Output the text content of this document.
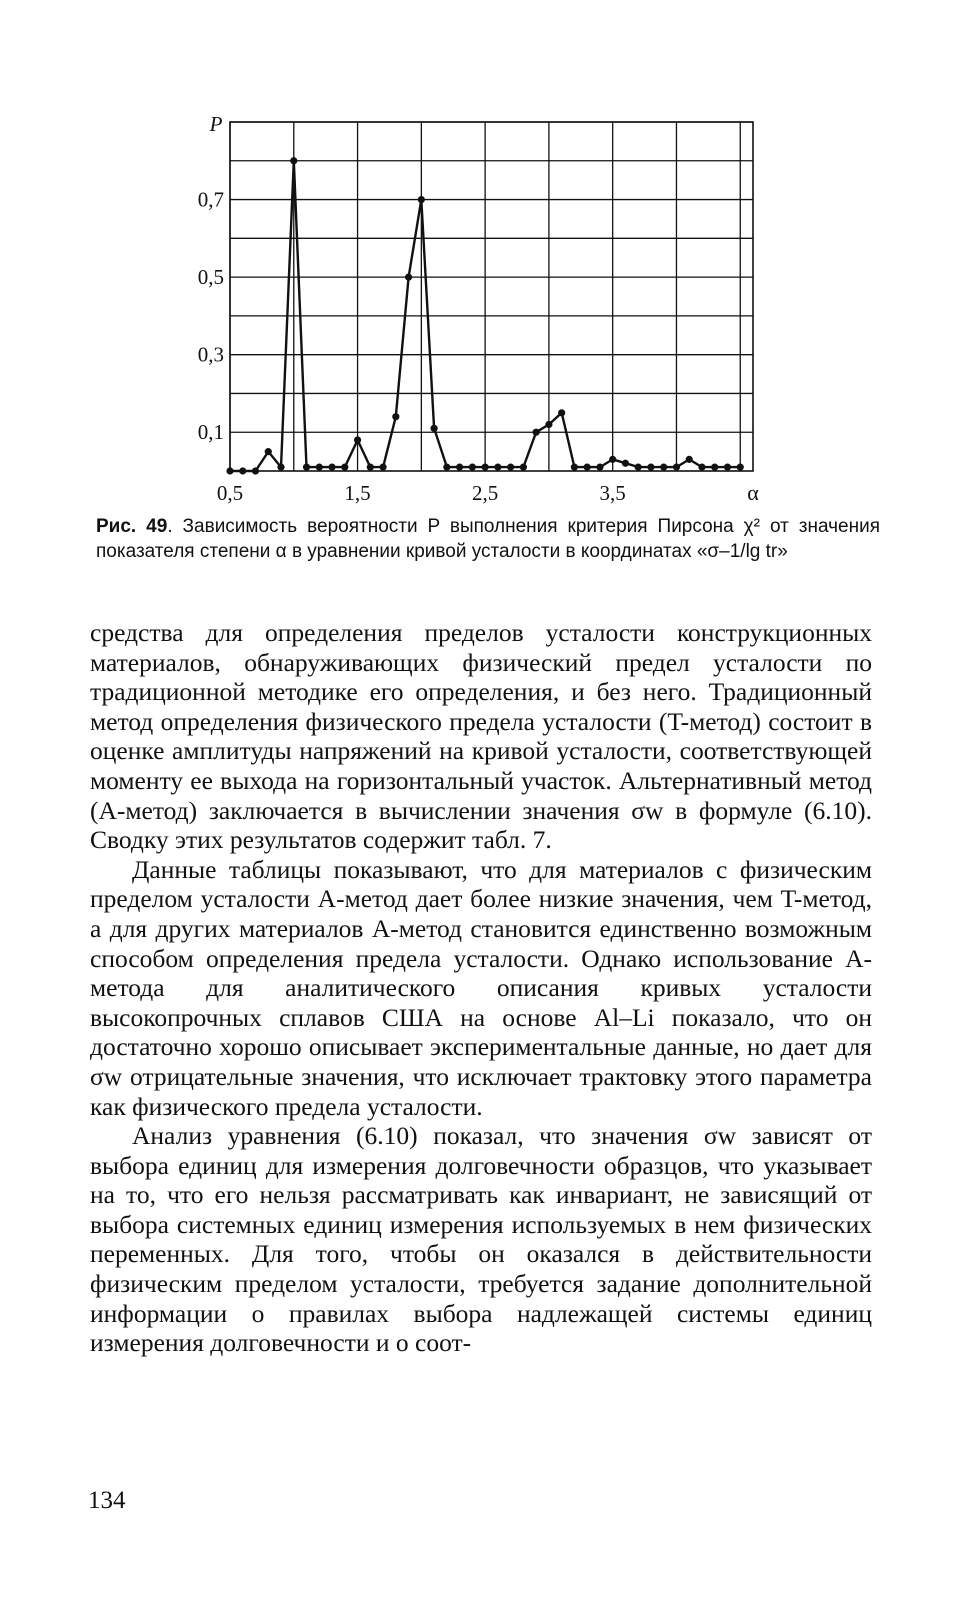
0,1
0,3
0,5
0,7
0,5	1,5	2,5	3,5
P
α
Рис. 49. Зависимость вероятности P выполнения критерия Пирсона χ² от значения показателя степени α в уравнении кривой усталости в координатах «σ–1/lg tr»

средства для определения пределов усталости конструкционных материалов, обнаруживающих физический предел усталости по традиционной методике его определения, и без него. Традиционный метод определения физического предела усталости (T-метод) состоит в оценке амплитуды напряжений на кривой усталости, соответствующей моменту ее выхода на горизонтальный участок. Альтернативный метод (A-метод) заключается в вычислении значения σw в формуле (6.10). Сводку этих результатов содержит табл. 7.

Данные таблицы показывают, что для материалов с физическим пределом усталости A-метод дает более низкие значения, чем T-метод, а для других материалов A-метод становится единственно возможным способом определения предела усталости. Однако использование A-метода для аналитического описания кривых усталости высокопрочных сплавов США на основе Al–Li показало, что он достаточно хорошо описывает экспериментальные данные, но дает для σw отрицательные значения, что исключает трактовку этого параметра как физического предела усталости.

Анализ уравнения (6.10) показал, что значения σw зависят от выбора единиц для измерения долговечности образцов, что указывает на то, что его нельзя рассматривать как инвариант, не зависящий от выбора системных единиц измерения используемых в нем физических переменных. Для того, чтобы он оказался в действительности физическим пределом усталости, требуется задание дополнительной информации о правилах выбора надлежащей системы единиц измерения долговечности и о соот-

134
